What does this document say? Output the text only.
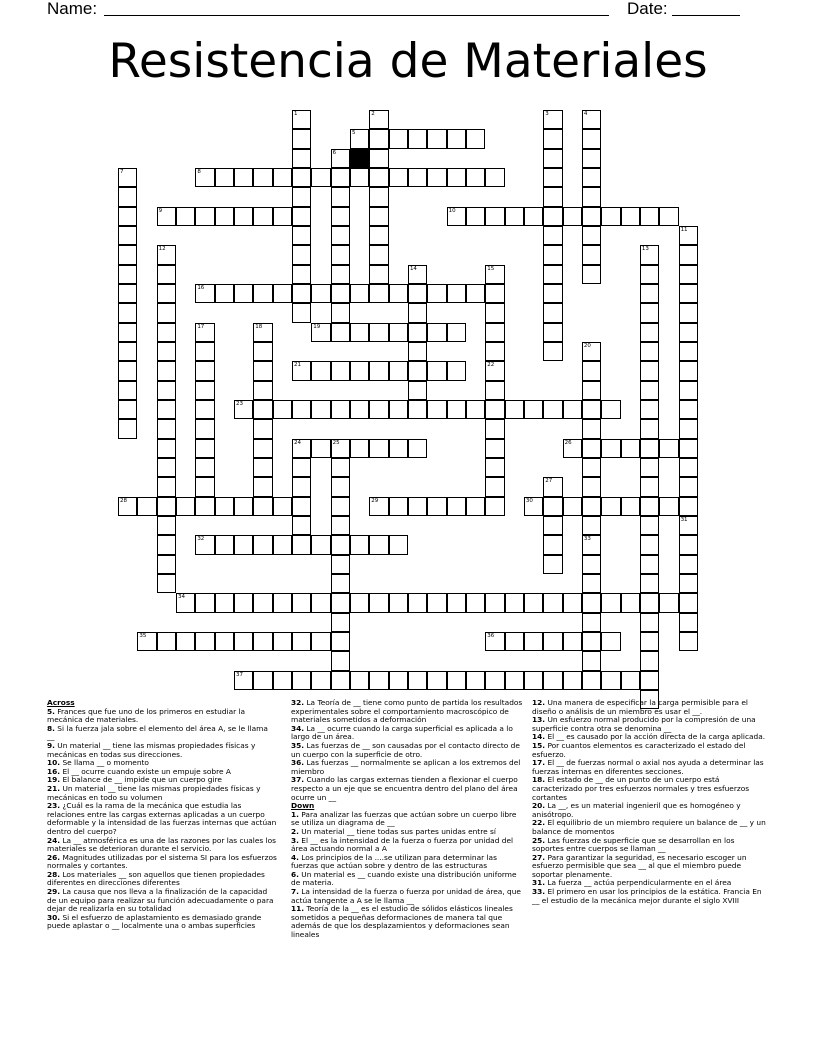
Name:	Date:
Resistencia de Materiales
5
8
9	10
16
19
21
23
24	25	26
28	29	30
32
34
35	36
37
1	2	3	4
6
7
11
31
12	13
14	15
22
17	18
20
33
27
Across

5. Frances que fue uno de los primeros en estudiar la mecánica de materiales.

8. Si la fuerza jala sobre el elemento del área A, se le llama __

9. Un material __ tiene las mismas propiedades físicas y mecánicas en todas sus direcciones.

10. Se llama __ o momento

16. El __ ocurre cuando existe un empuje sobre A

19. El balance de __ impide que un cuerpo gire

21. Un material __ tiene las mismas propiedades físicas y mecánicas en todo su volumen

23. ¿Cuál es la rama de la mecánica que estudia las relaciones entre las cargas externas aplicadas a un cuerpo deformable y la intensidad de las fuerzas internas que actúan dentro del cuerpo?

24. La __ atmosférica es una de las razones por las cuales los materiales se deterioran durante el servicio.

26. Magnitudes utilizadas por el sistema SI para los esfuerzos normales y cortantes.

28. Los materiales __ son aquellos que tienen propiedades diferentes en direcciones diferentes

29. La causa que nos lleva a la finalización de la capacidad de un equipo para realizar su función adecuadamente o para dejar de realizarla en su totalidad

30. Si el esfuerzo de aplastamiento es demasiado grande puede aplastar o __ localmente una o ambas superficies

32. La Teoría de __ tiene como punto de partida los resultados experimentales sobre el comportamiento macroscópico de materiales sometidos a deformación

34. La __ ocurre cuando la carga superficial es aplicada a lo largo de un área.

35. Las fuerzas de __ son causadas por el contacto directo de un cuerpo con la superficie de otro.

36. Las fuerzas __ normalmente se aplican a los extremos del miembro

37. Cuando las cargas externas tienden a flexionar el cuerpo respecto a un eje que se encuentra dentro del plano del área ocurre un __

Down

1. Para analizar las fuerzas que actúan sobre un cuerpo libre se utiliza un diagrama de __

2. Un material __ tiene todas sus partes unidas entre sí

3. El __ es la intensidad de la fuerza o fuerza por unidad del área actuando normal a A

4. Los principios de la ....se utilizan para determinar las fuerzas que actúan sobre y dentro de las estructuras

6. Un material es __ cuando existe una distribución uniforme de materia.

7. La intensidad de la fuerza o fuerza por unidad de área, que actúa tangente a A se le llama __

11. Teoría de la __ es el estudio de sólidos elásticos lineales sometidos a pequeñas deformaciones de manera tal que además de que los desplazamientos y deformaciones sean lineales

12. Una manera de especificar la carga permisible para el diseño o análisis de un miembro es usar el __.

13. Un esfuerzo normal producido por la compresión de una superficie contra otra se denomina __

14. El __ es causado por la acción directa de la carga aplicada.

15. Por cuantos elementos es caracterizado el estado del esfuerzo.

17. El __ de fuerzas normal o axial nos ayuda a determinar las fuerzas internas en diferentes secciones.

18. El estado de __ de un punto de un cuerpo está caracterizado por tres esfuerzos normales y tres esfuerzos cortantes

20. La __, es un material ingenieril que es homogéneo y anisótropo.

22. El equilibrio de un miembro requiere un balance de __ y un balance de momentos

25. Las fuerzas de superficie que se desarrollan en los soportes entre cuerpos se llaman __

27. Para garantizar la seguridad, es necesario escoger un esfuerzo permisible que sea __ al que el miembro puede soportar plenamente.

31. La fuerza __ actúa perpendicularmente en el área

33. El primero en usar los principios de la estática. Francia En __ el estudio de la mecánica mejor durante el siglo XVIII
